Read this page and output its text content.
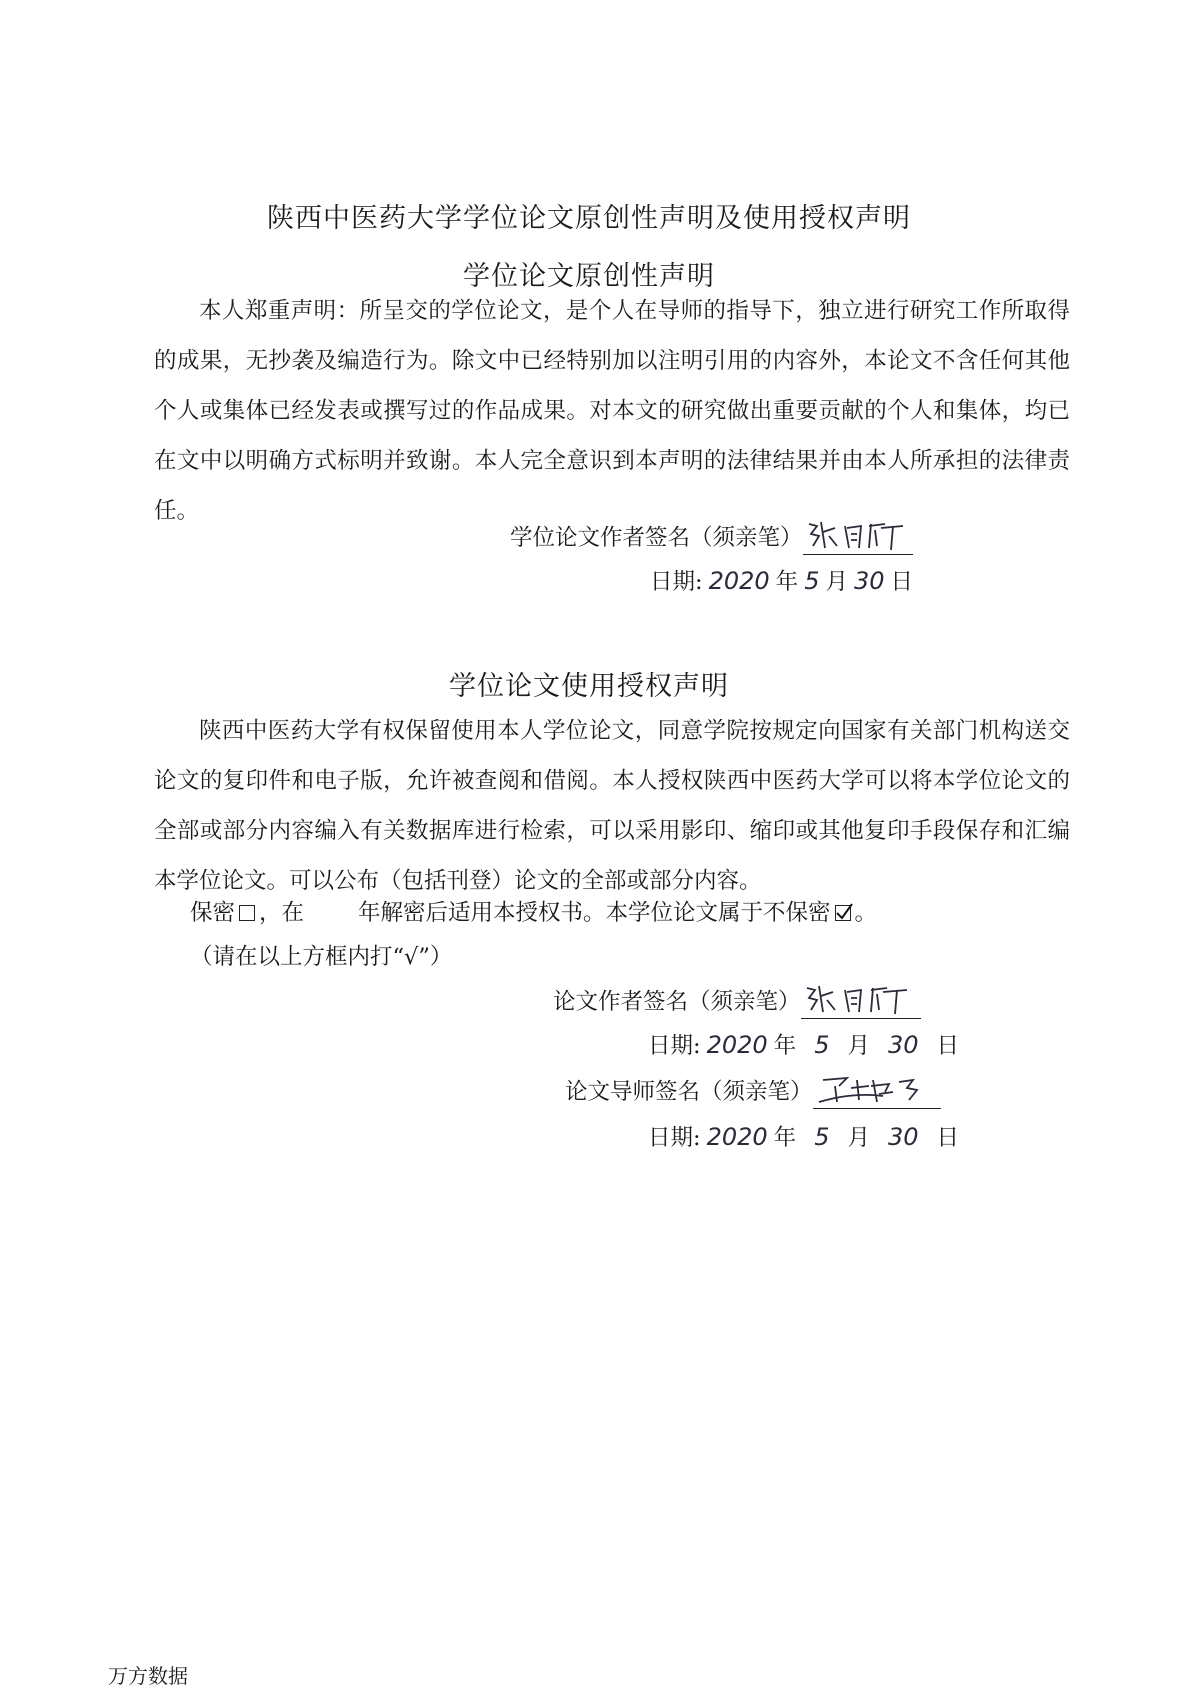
陕西中医药大学学位论文原创性声明及使用授权声明
学位论文原创性声明

本人郑重声明：所呈交的学位论文，是个人在导师的指导下，独立进行研究工作所取得的成果，无抄袭及编造行为。除文中已经特别加以注明引用的内容外，本论文不含任何其他个人或集体已经发表或撰写过的作品成果。对本文的研究做出重要贡献的个人和集体，均已在文中以明确方式标明并致谢。本人完全意识到本声明的法律结果并由本人所承担的法律责任。

学位论文作者签名（须亲笔）
日期: 2020 年 5 月 30 日
学位论文使用授权声明

陕西中医药大学有权保留使用本人学位论文，同意学院按规定向国家有关部门机构送交论文的复印件和电子版，允许被查阅和借阅。本人授权陕西中医药大学可以将本学位论文的全部或部分内容编入有关数据库进行检索，可以采用影印、缩印或其他复印手段保存和汇编本学位论文。可以公布（包括刊登）论文的全部或部分内容。

保密 ，在 年解密后适用本授权书。本学位论文属于不保密 。
（请在以上方框内打“√”）
论文作者签名（须亲笔）
日期: 2020 年 5 月 30 日
论文导师签名（须亲笔）
日期: 2020 年 5 月 30 日
万方数据
